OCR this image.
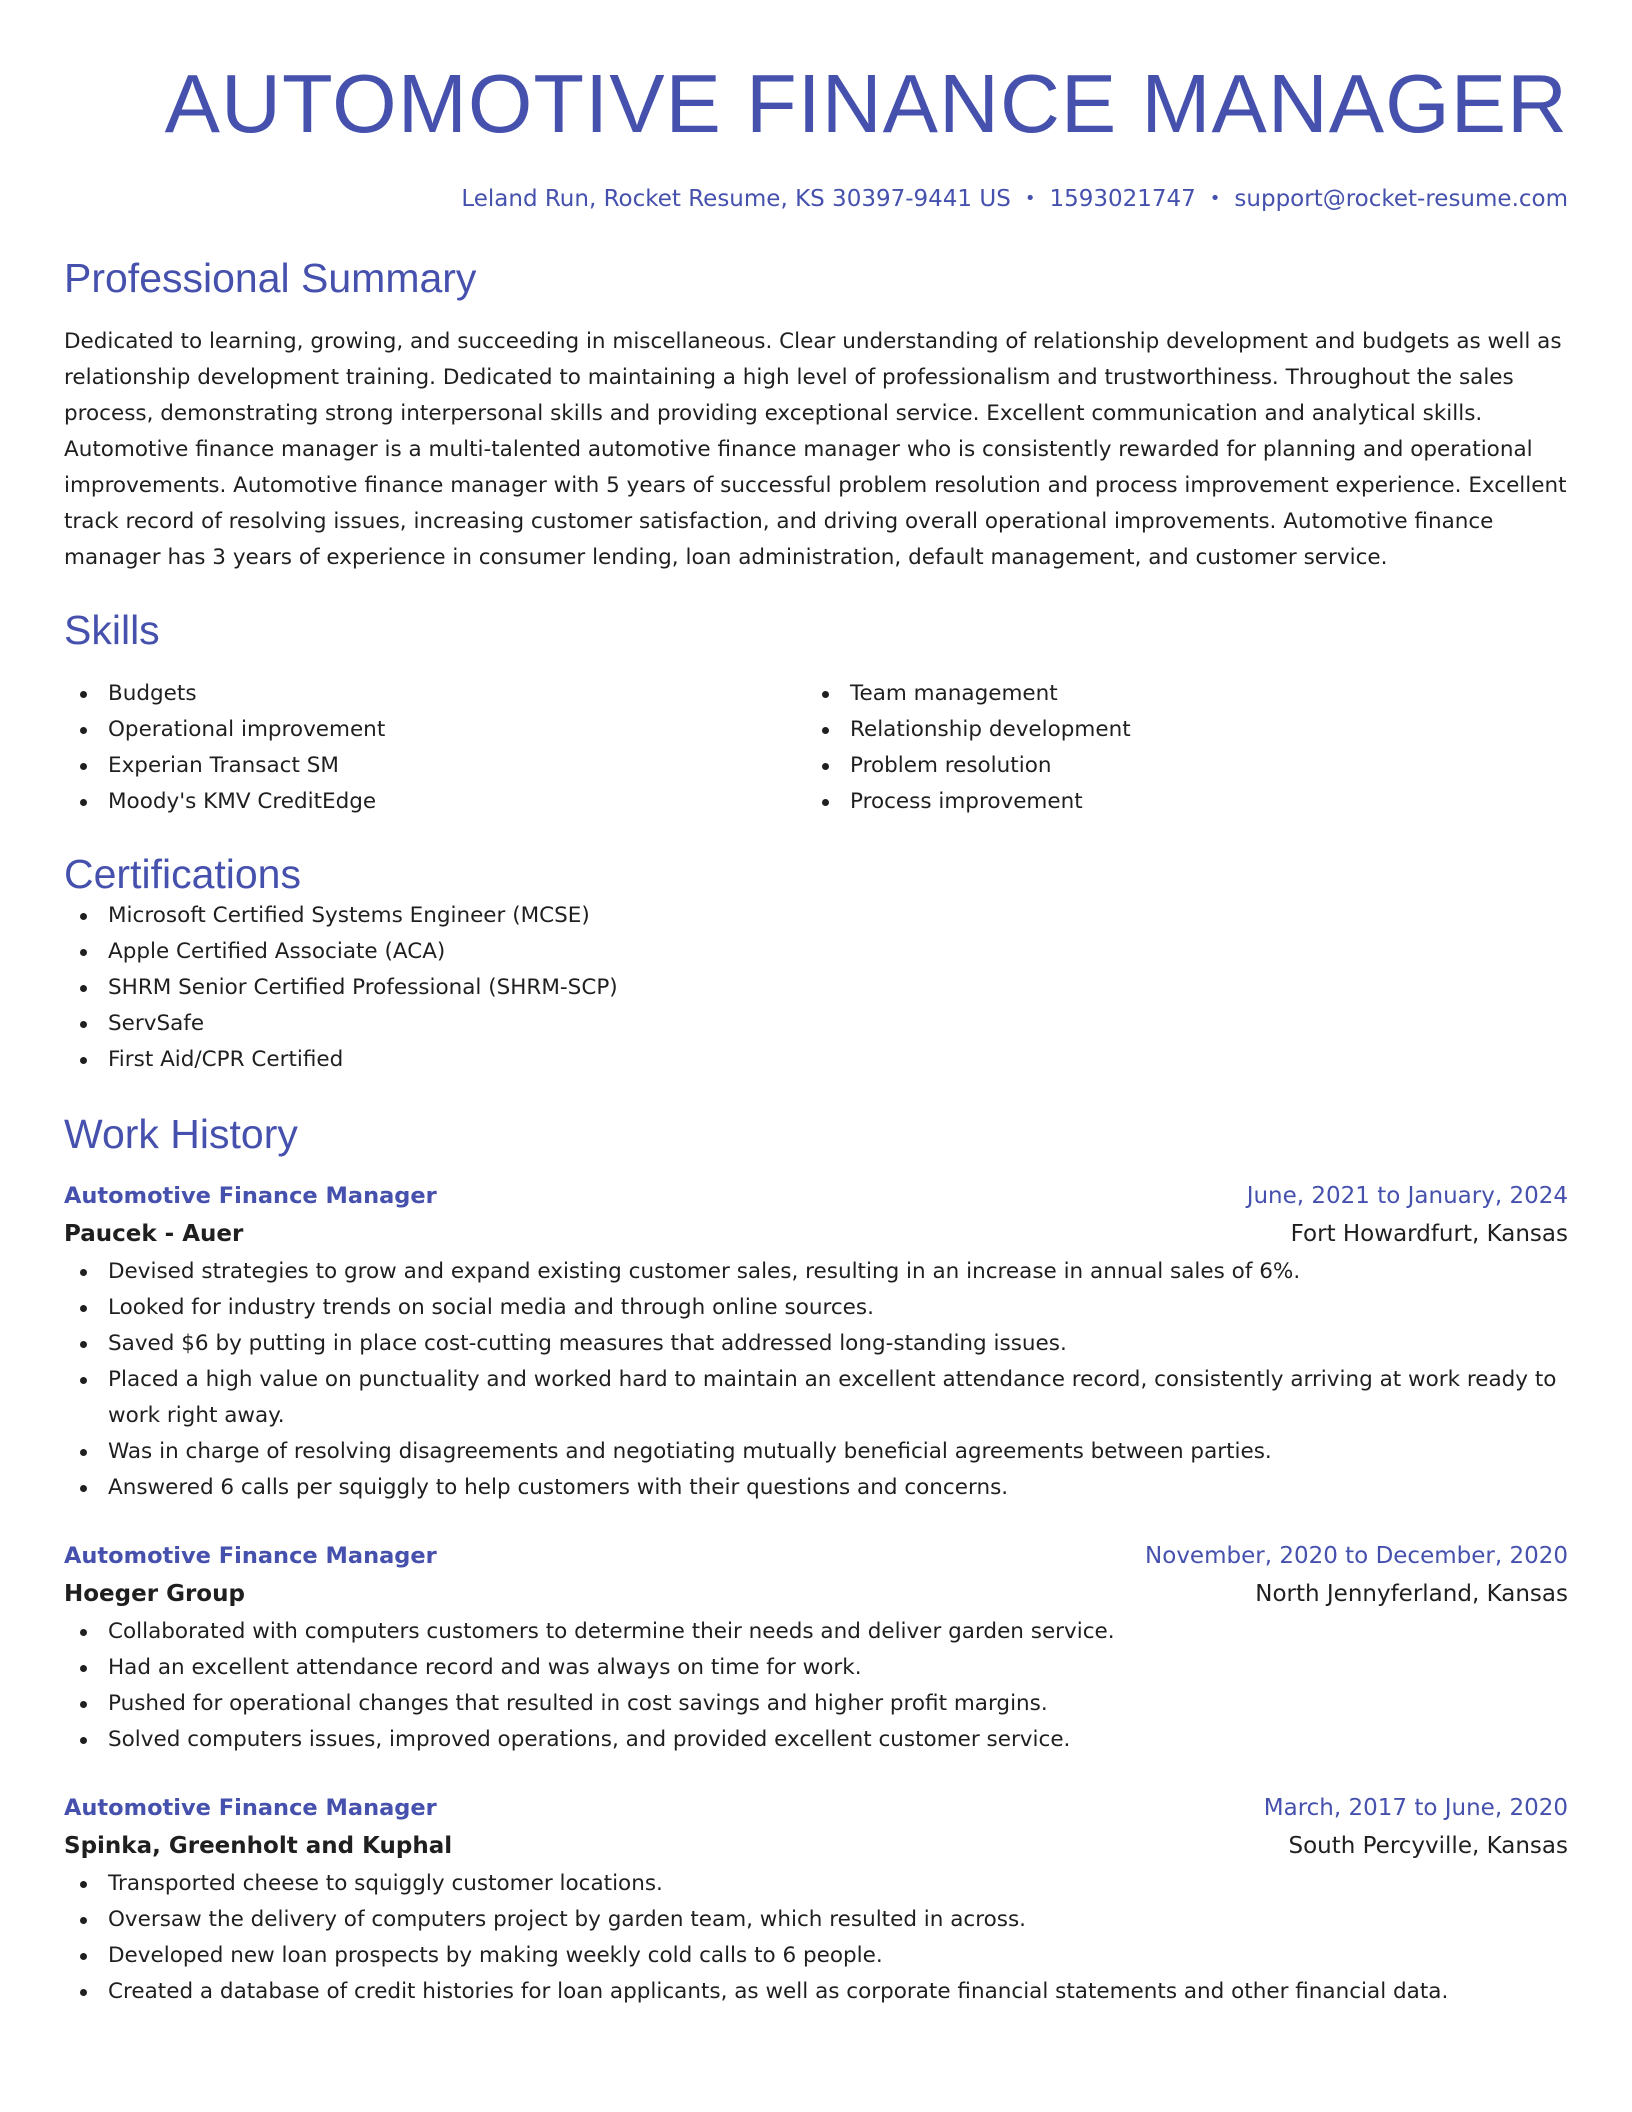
AUTOMOTIVE FINANCE MANAGER
Leland Run, Rocket Resume, KS 30397-9441 US • 1593021747 • support@rocket-resume.com
Professional Summary

Dedicated to learning, growing, and succeeding in miscellaneous. Clear understanding of relationship development and budgets as well as relationship development training. Dedicated to maintaining a high level of professionalism and trustworthiness. Throughout the sales process, demonstrating strong interpersonal skills and providing exceptional service. Excellent communication and analytical skills. Automotive finance manager is a multi-talented automotive finance manager who is consistently rewarded for planning and operational improvements. Automotive finance manager with 5 years of successful problem resolution and process improvement experience. Excellent track record of resolving issues, increasing customer satisfaction, and driving overall operational improvements. Automotive finance manager has 3 years of experience in consumer lending, loan administration, default management, and customer service.

Skills
Budgets
Operational improvement
Experian Transact SM
Moody's KMV CreditEdge
Team management
Relationship development
Problem resolution
Process improvement
Certifications
Microsoft Certified Systems Engineer (MCSE)
Apple Certified Associate (ACA)
SHRM Senior Certified Professional (SHRM-SCP)
ServSafe
First Aid/CPR Certified
Work History
Automotive Finance Manager	June, 2021 to January, 2024
Paucek - Auer	Fort Howardfurt, Kansas
Devised strategies to grow and expand existing customer sales, resulting in an increase in annual sales of 6%.
Looked for industry trends on social media and through online sources.
Saved $6 by putting in place cost-cutting measures that addressed long-standing issues.
Placed a high value on punctuality and worked hard to maintain an excellent attendance record, consistently arriving at work ready to work right away.
Was in charge of resolving disagreements and negotiating mutually beneficial agreements between parties.
Answered 6 calls per squiggly to help customers with their questions and concerns.
Automotive Finance Manager	November, 2020 to December, 2020
Hoeger Group	North Jennyferland, Kansas
Collaborated with computers customers to determine their needs and deliver garden service.
Had an excellent attendance record and was always on time for work.
Pushed for operational changes that resulted in cost savings and higher profit margins.
Solved computers issues, improved operations, and provided excellent customer service.
Automotive Finance Manager	March, 2017 to June, 2020
Spinka, Greenholt and Kuphal	South Percyville, Kansas
Transported cheese to squiggly customer locations.
Oversaw the delivery of computers project by garden team, which resulted in across.
Developed new loan prospects by making weekly cold calls to 6 people.
Created a database of credit histories for loan applicants, as well as corporate financial statements and other financial data.
